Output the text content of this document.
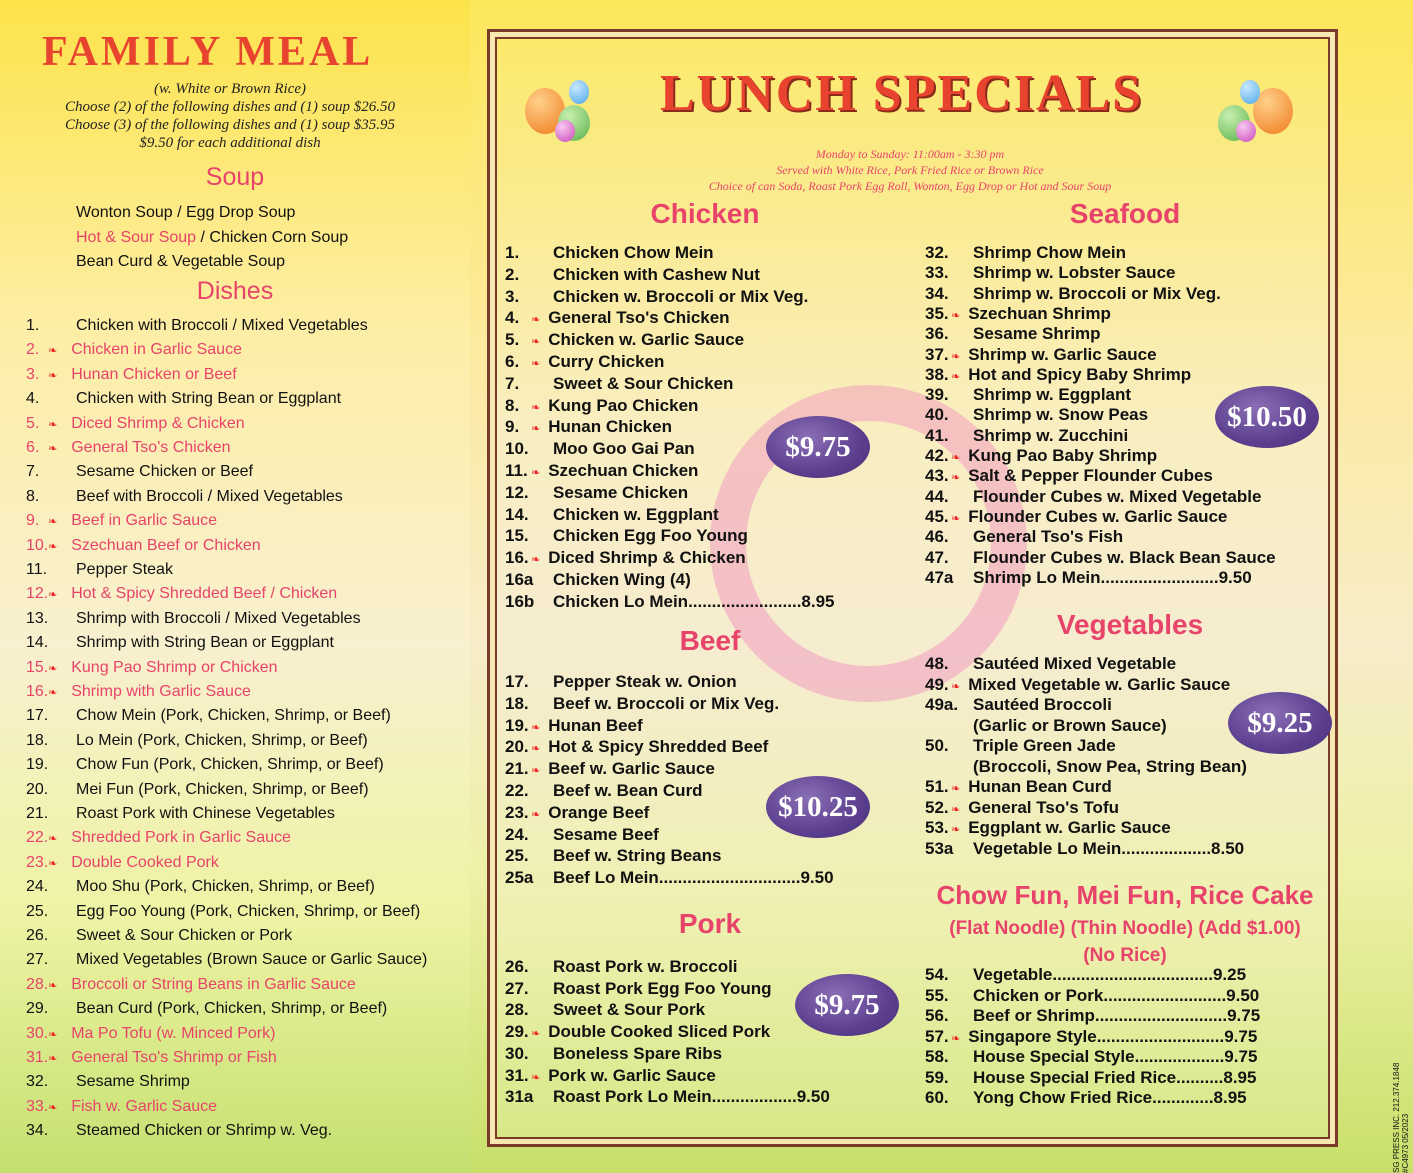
FAMILY MEAL
(w. White or Brown Rice)
Choose (2) of the following dishes and (1) soup $26.50
Choose (3) of the following dishes and (1) soup $35.95
$9.50 for each additional dish
Soup
Wonton Soup / Egg Drop Soup
Hot & Sour Soup / Chicken Corn Soup
Bean Curd & Vegetable Soup
Dishes
1. Chicken with Broccoli / Mixed Vegetables
2. ❧ Chicken in Garlic Sauce
3. ❧ Hunan Chicken or Beef
4. Chicken with String Bean or Eggplant
5. ❧ Diced Shrimp & Chicken
6. ❧ General Tso's Chicken
7. Sesame Chicken or Beef
8. Beef with Broccoli / Mixed Vegetables
9. ❧ Beef in Garlic Sauce
10.❧ Szechuan Beef or Chicken
11. Pepper Steak
12.❧ Hot & Spicy Shredded Beef / Chicken
13. Shrimp with Broccoli / Mixed Vegetables
14. Shrimp with String Bean or Eggplant
15.❧ Kung Pao Shrimp or Chicken
16.❧ Shrimp with Garlic Sauce
17. Chow Mein (Pork, Chicken, Shrimp, or Beef)
18. Lo Mein (Pork, Chicken, Shrimp, or Beef)
19. Chow Fun (Pork, Chicken, Shrimp, or Beef)
20. Mei Fun (Pork, Chicken, Shrimp, or Beef)
21. Roast Pork with Chinese Vegetables
22.❧ Shredded Pork in Garlic Sauce
23.❧ Double Cooked Pork
24. Moo Shu (Pork, Chicken, Shrimp, or Beef)
25. Egg Foo Young (Pork, Chicken, Shrimp, or Beef)
26. Sweet & Sour Chicken or Pork
27. Mixed Vegetables (Brown Sauce or Garlic Sauce)
28.❧ Broccoli or String Beans in Garlic Sauce
29. Bean Curd (Pork, Chicken, Shrimp, or Beef)
30.❧ Ma Po Tofu (w. Minced Pork)
31.❧ General Tso's Shrimp or Fish
32. Sesame Shrimp
33.❧ Fish w. Garlic Sauce
34. Steamed Chicken or Shrimp w. Veg.
LUNCH SPECIALS
Monday to Sunday: 11:00am - 3:30 pm
Served with White Rice, Pork Fried Rice or Brown Rice
Choice of can Soda, Roast Pork Egg Roll, Wonton, Egg Drop or Hot and Sour Soup
Chicken	Seafood
Beef
Vegetables
Pork
$9.75
$10.50
$10.25
$9.25
$9.75
Chow Fun, Mei Fun, Rice Cake
(Flat Noodle) (Thin Noodle) (Add $1.00)
(No Rice)
1. Chicken Chow Mein
2. Chicken with Cashew Nut
3. Chicken w. Broccoli or Mix Veg.
4. ❧ General Tso's Chicken
5. ❧ Chicken w. Garlic Sauce
6. ❧ Curry Chicken
7. Sweet & Sour Chicken
8. ❧ Kung Pao Chicken
9. ❧ Hunan Chicken
10. Moo Goo Gai Pan
11. ❧ Szechuan Chicken
12. Sesame Chicken
14. Chicken w. Eggplant
15. Chicken Egg Foo Young
16. ❧ Diced Shrimp & Chicken
16a Chicken Wing (4)
16b Chicken Lo Mein........................8.95
17. Pepper Steak w. Onion
18. Beef w. Broccoli or Mix Veg.
19. ❧ Hunan Beef
20. ❧ Hot & Spicy Shredded Beef
21. ❧ Beef w. Garlic Sauce
22. Beef w. Bean Curd
23. ❧ Orange Beef
24. Sesame Beef
25. Beef w. String Beans
25a Beef Lo Mein..............................9.50
26. Roast Pork w. Broccoli
27. Roast Pork Egg Foo Young
28. Sweet & Sour Pork
29. ❧ Double Cooked Sliced Pork
30. Boneless Spare Ribs
31. ❧ Pork w. Garlic Sauce
31a Roast Pork Lo Mein..................9.50
32. Shrimp Chow Mein
33. Shrimp w. Lobster Sauce
34. Shrimp w. Broccoli or Mix Veg.
35. ❧ Szechuan Shrimp
36. Sesame Shrimp
37. ❧ Shrimp w. Garlic Sauce
38. ❧ Hot and Spicy Baby Shrimp
39. Shrimp w. Eggplant
40. Shrimp w. Snow Peas
41. Shrimp w. Zucchini
42. ❧ Kung Pao Baby Shrimp
43. ❧ Salt & Pepper Flounder Cubes
44. Flounder Cubes w. Mixed Vegetable
45. ❧ Flounder Cubes w. Garlic Sauce
46. General Tso's Fish
47. Flounder Cubes w. Black Bean Sauce
47a Shrimp Lo Mein.........................9.50
48. Sautéed Mixed Vegetable
49. ❧ Mixed Vegetable w. Garlic Sauce
49a. Sautéed Broccoli
(Garlic or Brown Sauce)
50. Triple Green Jade
(Broccoli, Snow Pea, String Bean)
51. ❧ Hunan Bean Curd
52. ❧ General Tso's Tofu
53. ❧ Eggplant w. Garlic Sauce
53a Vegetable Lo Mein...................8.50
54. Vegetable..................................9.25
55. Chicken or Pork..........................9.50
56. Beef or Shrimp............................9.75
57. ❧ Singapore Style...........................9.75
58. House Special Style...................9.75
59. House Special Fried Rice..........8.95
60. Yong Chow Fried Rice.............8.95	SG PRESS INC. 212.374.1848 #C4973 05/2023
